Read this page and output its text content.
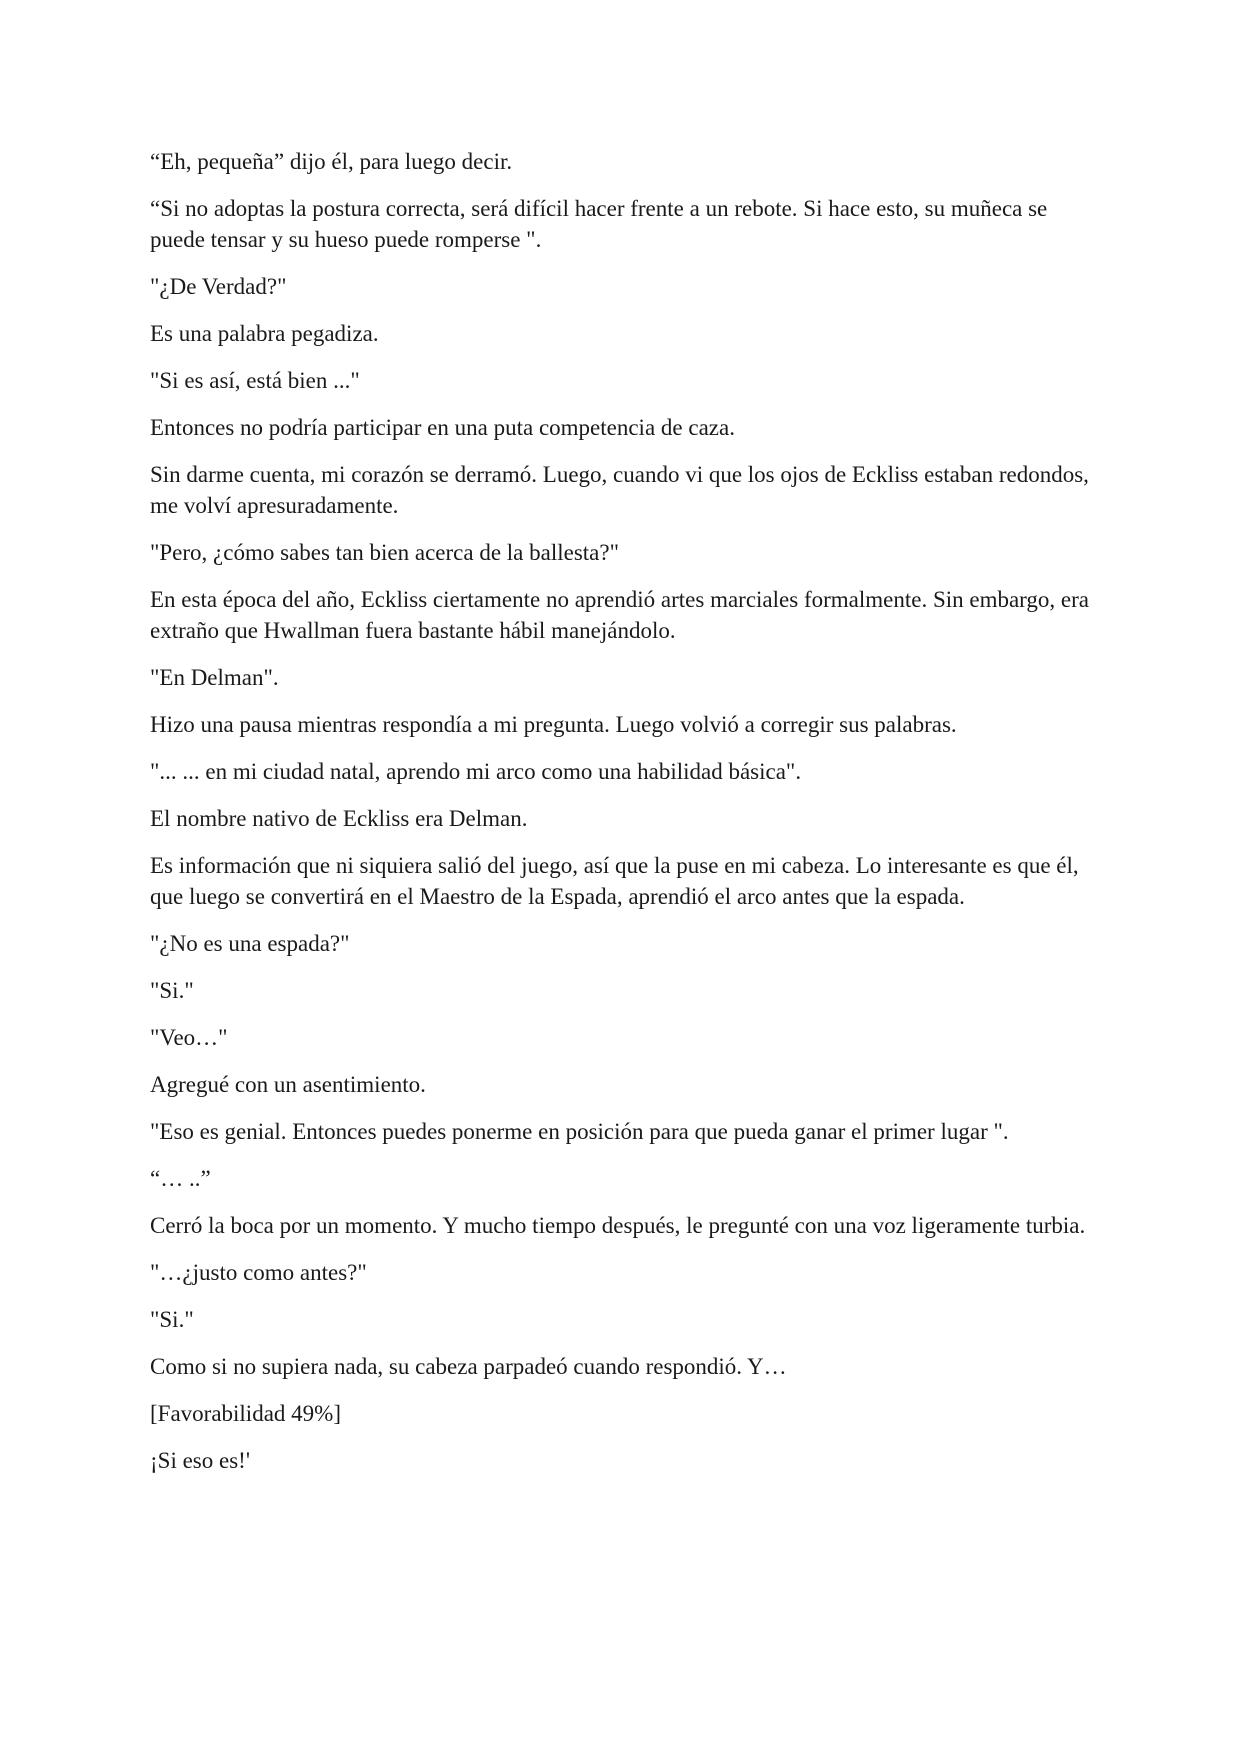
“Eh, pequeña” dijo él, para luego decir.

“Si no adoptas la postura correcta, será difícil hacer frente a un rebote. Si hace esto, su muñeca se puede tensar y su hueso puede romperse ".

"¿De Verdad?"

Es una palabra pegadiza.

"Si es así, está bien ..."

Entonces no podría participar en una puta competencia de caza.

Sin darme cuenta, mi corazón se derramó. Luego, cuando vi que los ojos de Eckliss estaban redondos, me volví apresuradamente.

"Pero, ¿cómo sabes tan bien acerca de la ballesta?"

En esta época del año, Eckliss ciertamente no aprendió artes marciales formalmente. Sin embargo, era extraño que Hwallman fuera bastante hábil manejándolo.

"En Delman".

Hizo una pausa mientras respondía a mi pregunta. Luego volvió a corregir sus palabras.

"... ... en mi ciudad natal, aprendo mi arco como una habilidad básica".

El nombre nativo de Eckliss era Delman.

Es información que ni siquiera salió del juego, así que la puse en mi cabeza. Lo interesante es que él, que luego se convertirá en el Maestro de la Espada, aprendió el arco antes que la espada.

"¿No es una espada?"

"Si."

"Veo…"

Agregué con un asentimiento.

"Eso es genial. Entonces puedes ponerme en posición para que pueda ganar el primer lugar ".

“… ..”

Cerró la boca por un momento. Y mucho tiempo después, le pregunté con una voz ligeramente turbia.

"…¿justo como antes?"

"Si."

Como si no supiera nada, su cabeza parpadeó cuando respondió. Y…

[Favorabilidad 49%]

¡Si eso es!'
